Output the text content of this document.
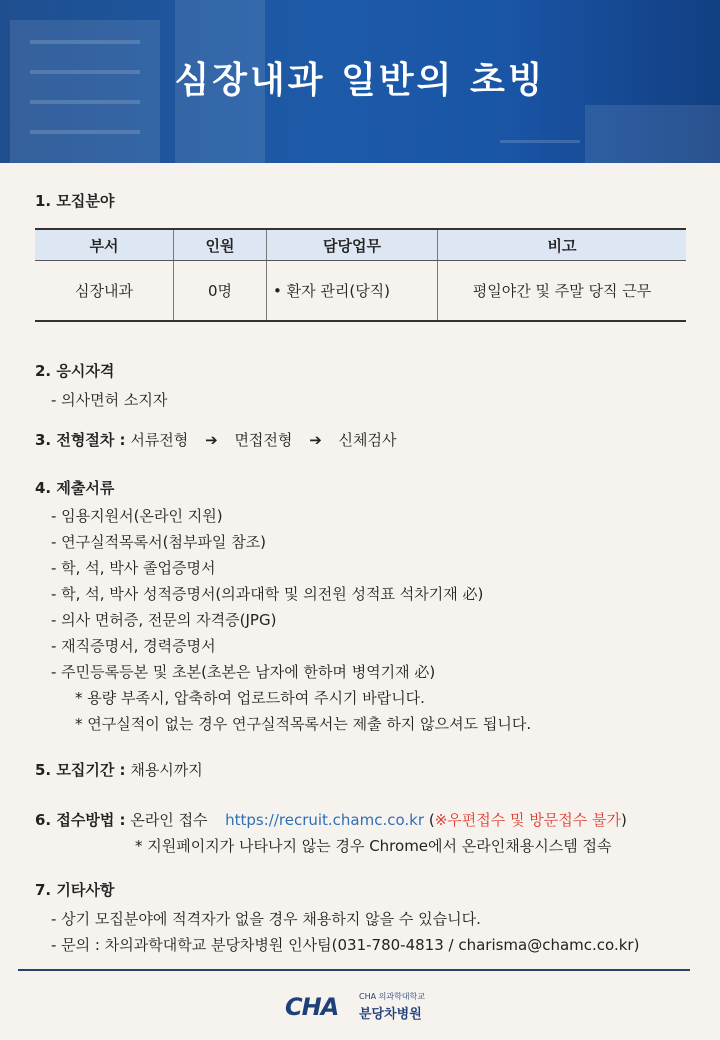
심장내과 일반의 초빙
1. 모집분야
부서	인원	담당업무	비고
심장내과	0명	• 환자 관리(당직)	평일야간 및 주말 당직 근무
2. 응시자격
- 의사면허 소지자
3. 전형절차 : 서류전형 ➔ 면접전형 ➔ 신체검사
4. 제출서류
- 임용지원서(온라인 지원)
- 연구실적목록서(첨부파일 참조)
- 학, 석, 박사 졸업증명서
- 학, 석, 박사 성적증명서(의과대학 및 의전원 성적표 석차기재 必)
- 의사 면허증, 전문의 자격증(JPG)
- 재직증명서, 경력증명서
- 주민등록등본 및 초본(초본은 남자에 한하며 병역기재 必)
* 용량 부족시, 압축하여 업로드하여 주시기 바랍니다.
* 연구실적이 없는 경우 연구실적목록서는 제출 하지 않으셔도 됩니다.
5. 모집기간 : 채용시까지
6. 접수방법 : 온라인 접수 https://recruit.chamc.co.kr (※우편접수 및 방문접수 불가)
* 지원페이지가 나타나지 않는 경우 Chrome에서 온라인채용시스템 접속
7. 기타사항
- 상기 모집분야에 적격자가 없을 경우 채용하지 않을 수 있습니다.
- 문의 : 차의과학대학교 분당차병원 인사팀(031-780-4813 / charisma@chamc.co.kr)
CHA	CHA 의과학대학교
분당차병원
